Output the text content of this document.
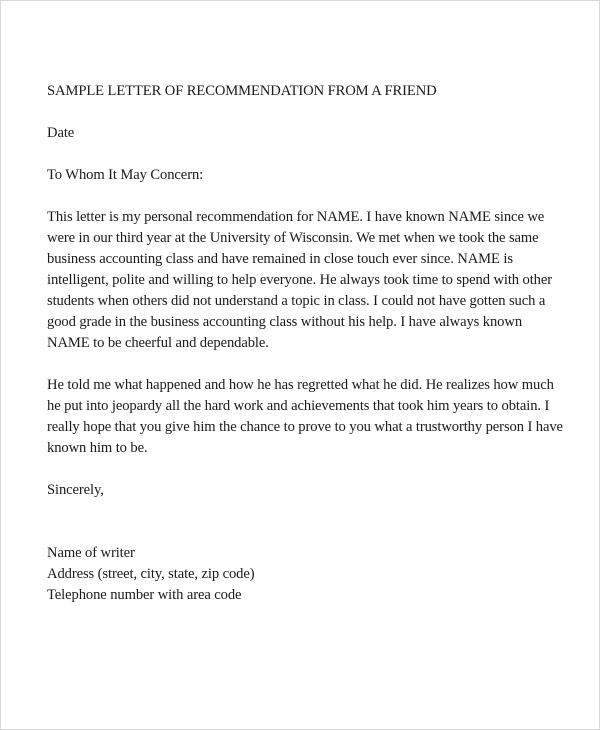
SAMPLE LETTER OF RECOMMENDATION FROM A FRIEND

Date

To Whom It May Concern:

This letter is my personal recommendation for NAME. I have known NAME since we
were in our third year at the University of Wisconsin. We met when we took the same
business accounting class and have remained in close touch ever since. NAME is
intelligent, polite and willing to help everyone. He always took time to spend with other
students when others did not understand a topic in class. I could not have gotten such a
good grade in the business accounting class without his help. I have always known
NAME to be cheerful and dependable.

He told me what happened and how he has regretted what he did. He realizes how much
he put into jeopardy all the hard work and achievements that took him years to obtain. I
really hope that you give him the chance to prove to you what a trustworthy person I have
known him to be.

Sincerely,

Name of writer
Address (street, city, state, zip code)
Telephone number with area code
